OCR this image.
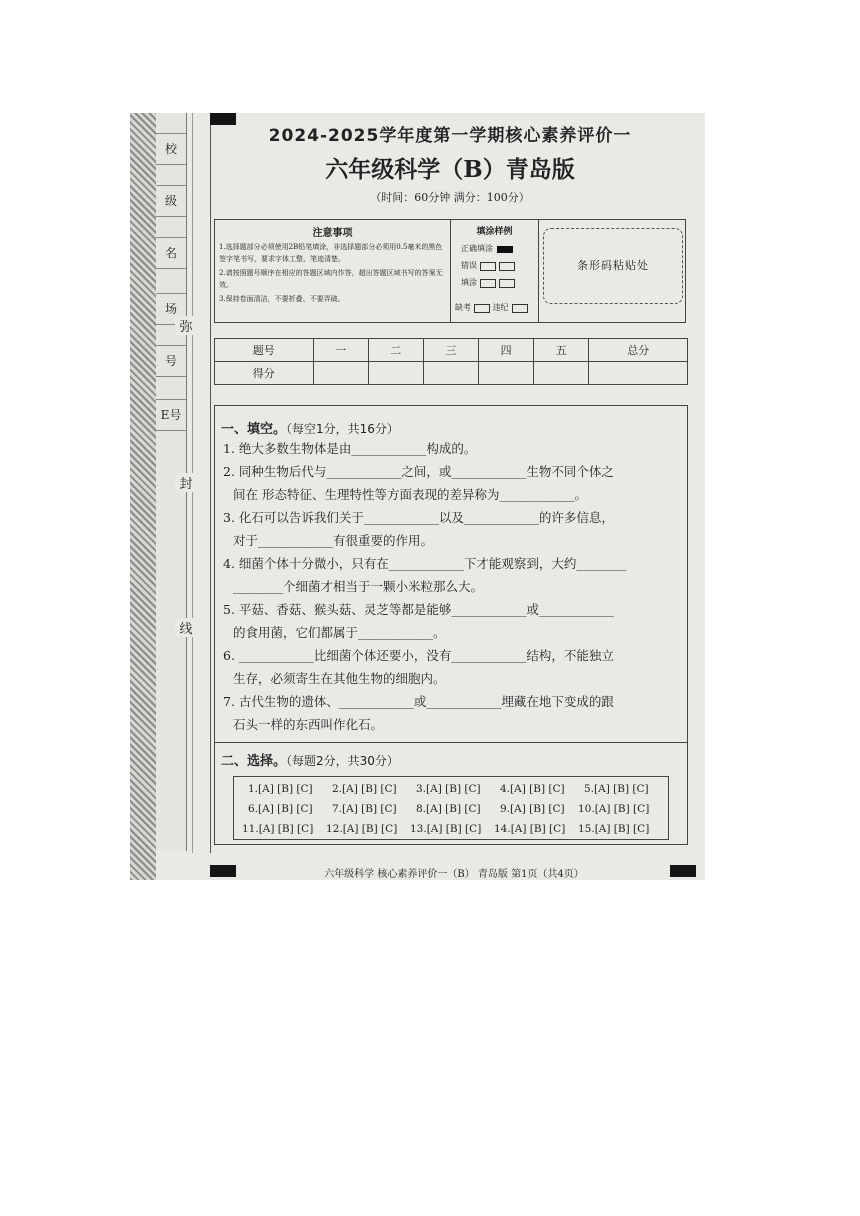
校
级
名
场
号
E号
弥
封
线
2024-2025学年度第一学期核心素养评价一
六年级科学（B）青岛版
（时间：60分钟 满分：100分）
注意事项
1.选择题部分必须使用2B铅笔填涂，非选择题部分必须用0.5毫米的黑色签字笔书写，要求字体工整、笔迹清楚。
2.请按照题号顺序在相应的答题区域内作答，超出答题区域书写的答案无效。
3.保持卷面清洁，不要折叠、不要弄破。
填涂样例
正确填涂
错误
填涂
缺考	违纪
条形码粘贴处
题号	一	二	三	四	五	总分
得分						
一、填空。（每空1分，共16分）
1. 绝大多数生物体是由____________构成的。
2. 同种生物后代与____________之间，或____________生物不同个体之
间在 形态特征、生理特性等方面表现的差异称为____________。
3. 化石可以告诉我们关于____________以及____________的许多信息，
对于____________有很重要的作用。
4. 细菌个体十分微小，只有在____________下才能观察到，大约________
________个细菌才相当于一颗小米粒那么大。
5. 平菇、香菇、猴头菇、灵芝等都是能够____________或____________
的食用菌，它们都属于____________。
6. ____________比细菌个体还要小，没有____________结构，不能独立
生存，必须寄生在其他生物的细胞内。
7. 古代生物的遗体、____________或____________埋藏在地下变成的跟
石头一样的东西叫作化石。
二、选择。（每题2分，共30分）
1.[A] [B] [C]	2.[A] [B] [C]	3.[A] [B] [C]	4.[A] [B] [C]	5.[A] [B] [C]
6.[A] [B] [C]	7.[A] [B] [C]	8.[A] [B] [C]	9.[A] [B] [C]	10.[A] [B] [C]
11.[A] [B] [C]	12.[A] [B] [C]	13.[A] [B] [C]	14.[A] [B] [C]	15.[A] [B] [C]
六年级科学 核心素养评价一（B） 青岛版 第1页（共4页）
